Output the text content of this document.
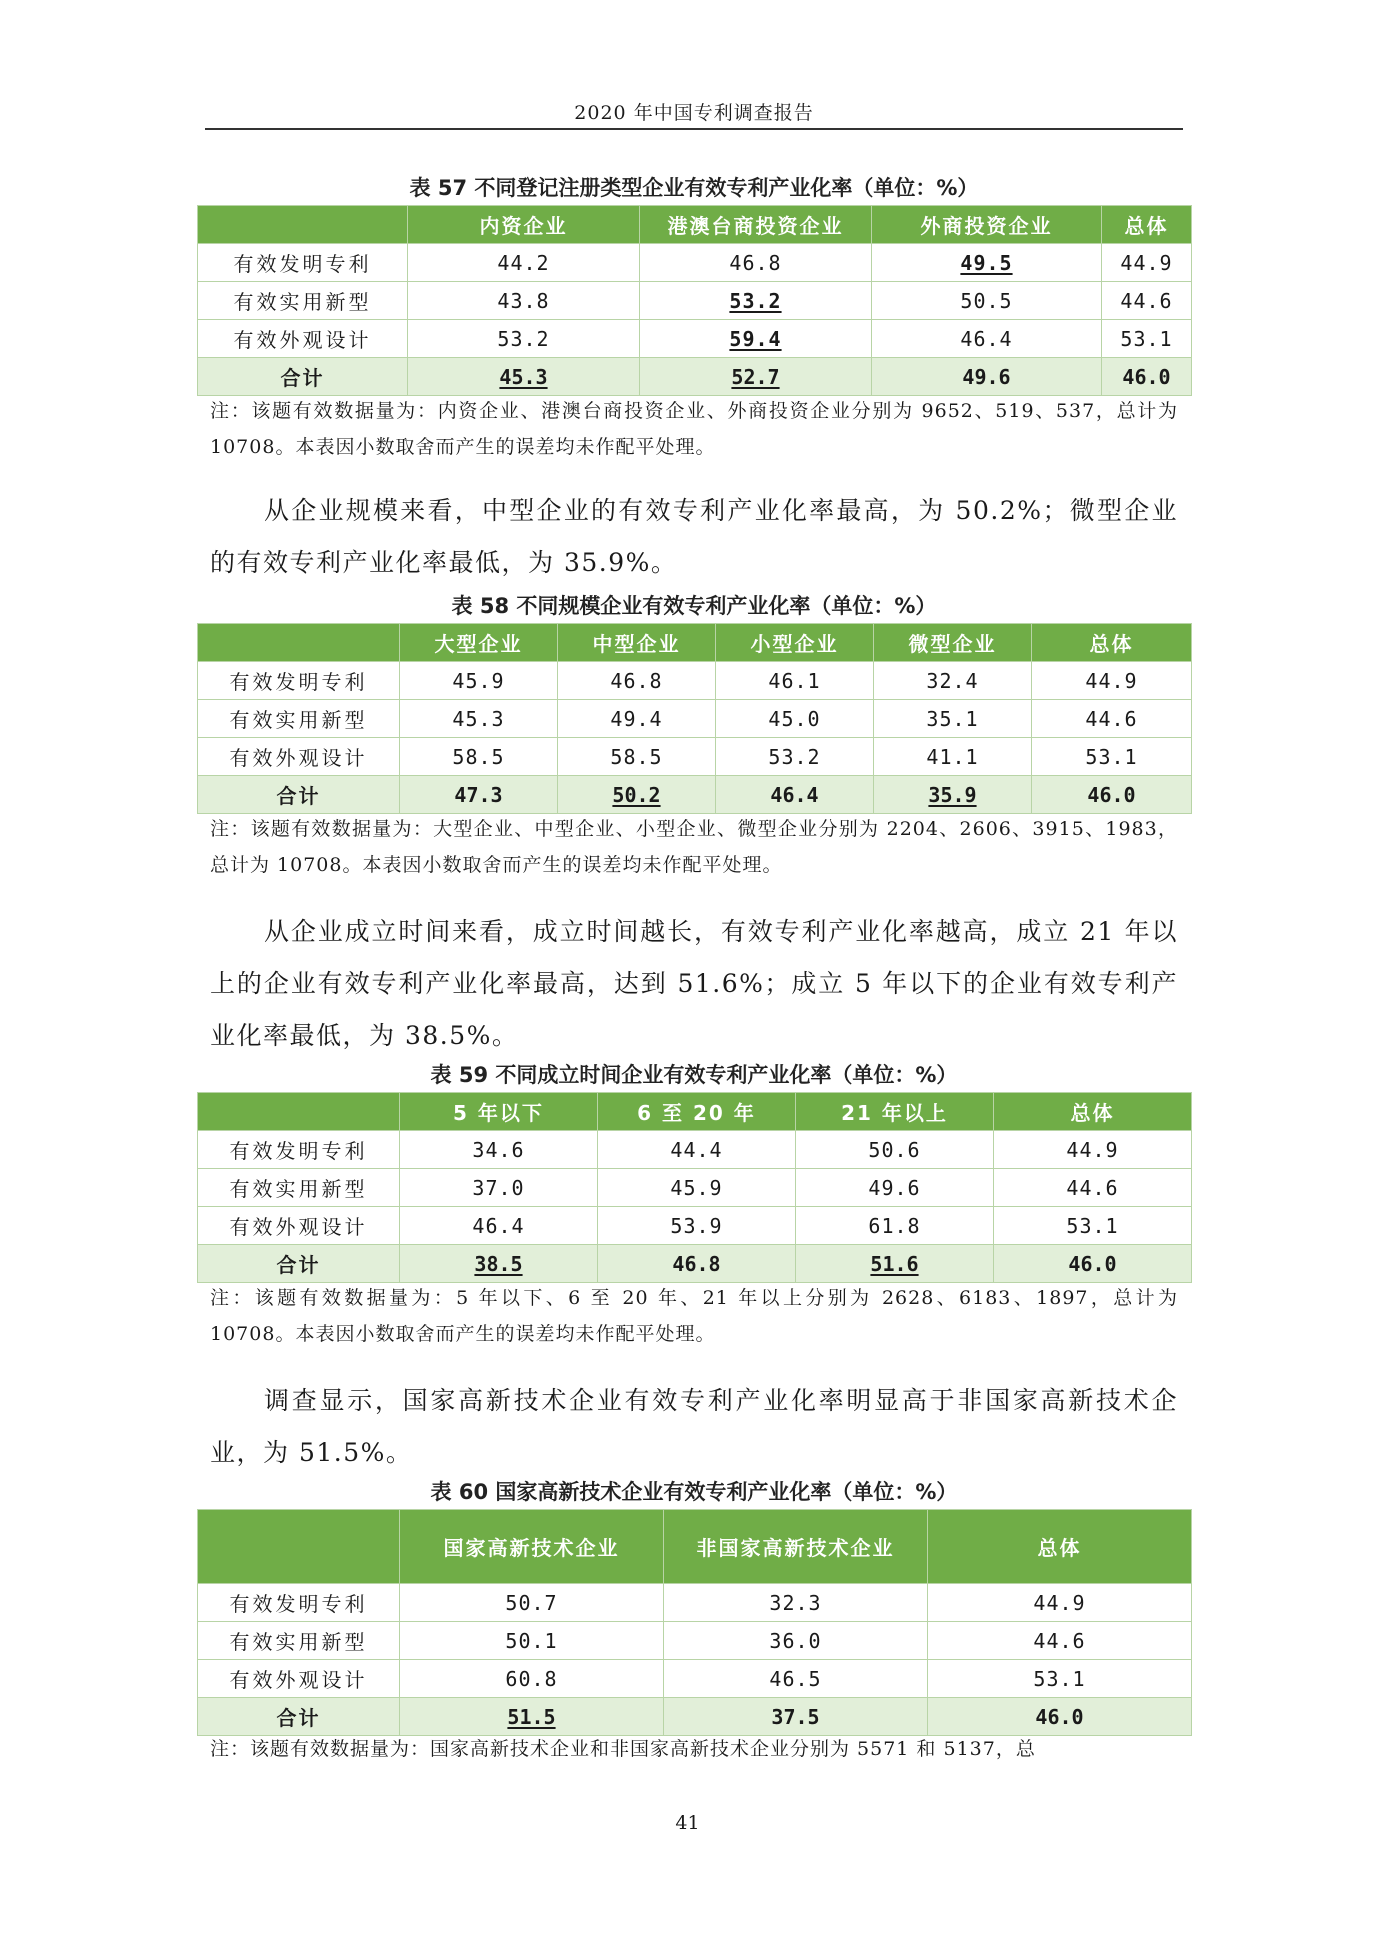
2020 年中国专利调查报告
表 57 不同登记注册类型企业有效专利产业化率（单位：%）
	内资企业	港澳台商投资企业	外商投资企业	总体
有效发明专利	44.2	46.8	49.5	44.9
有效实用新型	43.8	53.2	50.5	44.6
有效外观设计	53.2	59.4	46.4	53.1
合计	45.3	52.7	49.6	46.0
注：该题有效数据量为：内资企业、港澳台商投资企业、外商投资企业分别为 9652、519、537，总计为 10708。本表因小数取舍而产生的误差均未作配平处理。
从企业规模来看，中型企业的有效专利产业化率最高，为 50.2%；微型企业的有效专利产业化率最低，为 35.9%。
表 58 不同规模企业有效专利产业化率（单位：%）
	大型企业	中型企业	小型企业	微型企业	总体
有效发明专利	45.9	46.8	46.1	32.4	44.9
有效实用新型	45.3	49.4	45.0	35.1	44.6
有效外观设计	58.5	58.5	53.2	41.1	53.1
合计	47.3	50.2	46.4	35.9	46.0
注：该题有效数据量为：大型企业、中型企业、小型企业、微型企业分别为 2204、2606、3915、1983，总计为 10708。本表因小数取舍而产生的误差均未作配平处理。
从企业成立时间来看，成立时间越长，有效专利产业化率越高，成立 21 年以上的企业有效专利产业化率最高，达到 51.6%；成立 5 年以下的企业有效专利产业化率最低，为 38.5%。
表 59 不同成立时间企业有效专利产业化率（单位：%）
	5 年以下	6 至 20 年	21 年以上	总体
有效发明专利	34.6	44.4	50.6	44.9
有效实用新型	37.0	45.9	49.6	44.6
有效外观设计	46.4	53.9	61.8	53.1
合计	38.5	46.8	51.6	46.0
注：该题有效数据量为：5 年以下、6 至 20 年、21 年以上分别为 2628、6183、1897，总计为 10708。本表因小数取舍而产生的误差均未作配平处理。
调查显示，国家高新技术企业有效专利产业化率明显高于非国家高新技术企业，为 51.5%。
表 60 国家高新技术企业有效专利产业化率（单位：%）
	国家高新技术企业	非国家高新技术企业	总体
有效发明专利	50.7	32.3	44.9
有效实用新型	50.1	36.0	44.6
有效外观设计	60.8	46.5	53.1
合计	51.5	37.5	46.0
注：该题有效数据量为：国家高新技术企业和非国家高新技术企业分别为 5571 和 5137，总
41
